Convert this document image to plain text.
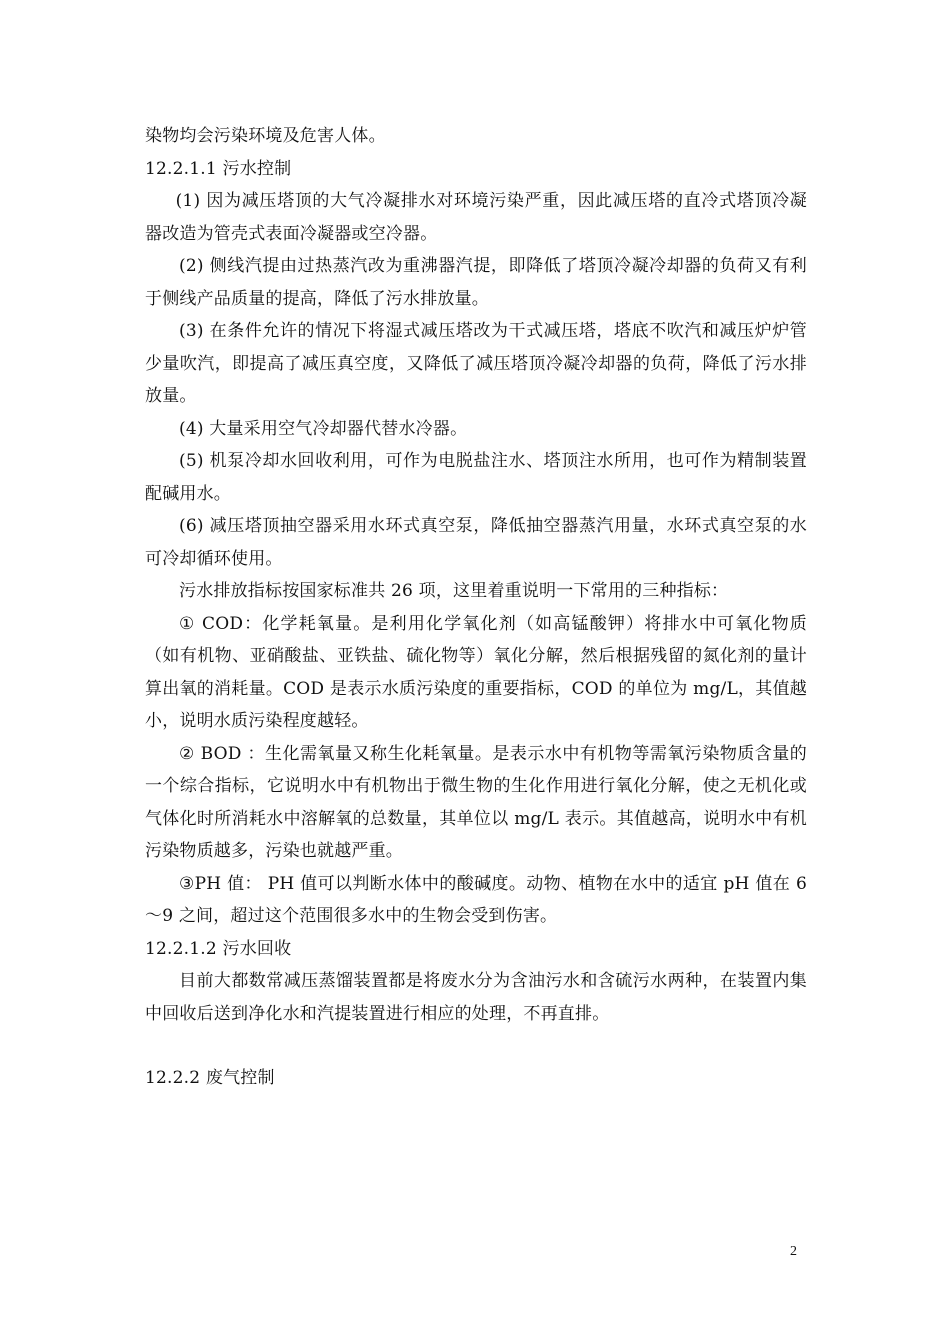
染物均会污染环境及危害人体。
12.2.1.1 污水控制

(1) 因为减压塔顶的大气冷凝排水对环境污染严重，因此减压塔的直冷式塔顶冷凝器改造为管壳式表面冷凝器或空冷器。

(2) 侧线汽提由过热蒸汽改为重沸器汽提，即降低了塔顶冷凝冷却器的负荷又有利于侧线产品质量的提高，降低了污水排放量。

(3) 在条件允许的情况下将湿式减压塔改为干式减压塔，塔底不吹汽和减压炉炉管少量吹汽，即提高了减压真空度，又降低了减压塔顶冷凝冷却器的负荷，降低了污水排放量。

(4) 大量采用空气冷却器代替水冷器。

(5) 机泵冷却水回收利用，可作为电脱盐注水、塔顶注水所用，也可作为精制装置配碱用水。

(6) 减压塔顶抽空器采用水环式真空泵，降低抽空器蒸汽用量，水环式真空泵的水可冷却循环使用。

污水排放指标按国家标准共 26 项，这里着重说明一下常用的三种指标：

① COD：化学耗氧量。是利用化学氧化剂（如高锰酸钾）将排水中可氧化物质（如有机物、亚硝酸盐、亚铁盐、硫化物等）氧化分解，然后根据残留的氮化剂的量计算出氧的消耗量。COD 是表示水质污染度的重要指标，COD 的单位为 mg/L，其值越小，说明水质污染程度越轻。

② BOD ：生化需氧量又称生化耗氧量。是表示水中有机物等需氧污染物质含量的一个综合指标，它说明水中有机物出于微生物的生化作用进行氧化分解，使之无机化或气体化时所消耗水中溶解氧的总数量，其单位以 mg/L 表示。其值越高，说明水中有机污染物质越多，污染也就越严重。

③PH 值： PH 值可以判断水体中的酸碱度。动物、植物在水中的适宜 pH 值在 6～9 之间，超过这个范围很多水中的生物会受到伤害。

12.2.1.2 污水回收

目前大都数常减压蒸馏装置都是将废水分为含油污水和含硫污水两种，在装置内集中回收后送到净化水和汽提装置进行相应的处理，不再直排。

12.2.2 废气控制
2
